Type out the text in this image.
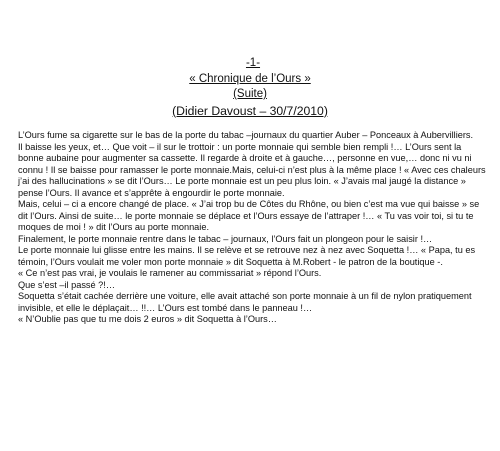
-1-
« Chronique de l’Ours »
(Suite)
(Didier Davoust – 30/7/2010)

L’Ours fume sa cigarette sur le bas de la porte du tabac –journaux du quartier Auber – Ponceaux à Aubervilliers.

Il baisse les yeux, et… Que voit – il sur le trottoir : un porte monnaie qui semble bien rempli !… L’Ours sent la bonne aubaine pour augmenter sa cassette. Il regarde à droite et à gauche…, personne en vue,… donc ni vu ni connu ! Il se baisse pour ramasser le porte monnaie.Mais, celui-ci n’est plus à la même place ! « Avec ces chaleurs j’ai des hallucinations » se dit l’Ours… Le porte monnaie est un peu plus loin. « J’avais mal jaugé la distance » pense l’Ours. Il avance et s’apprête à engourdir le porte monnaie.

Mais, celui – ci a encore changé de place. « J’ai trop bu de Côtes du Rhône, ou bien c’est ma vue qui baisse » se dit l’Ours. Ainsi de suite… le porte monnaie se déplace et l’Ours essaye de l’attraper !… « Tu vas voir toi, si tu te moques de moi ! » dit l’Ours au porte monnaie.

Finalement, le porte monnaie rentre dans le tabac – journaux, l’Ours fait un plongeon pour le saisir !…

Le porte monnaie lui glisse entre les mains. Il se relève et se retrouve nez à nez avec Soquetta !… « Papa, tu es témoin, l’Ours voulait me voler mon porte monnaie » dit Soquetta à M.Robert - le patron de la boutique -.

« Ce n’est pas vrai, je voulais le ramener au commissariat » répond l’Ours.

Que s’est –il passé ?!…

Soquetta s’était cachée derrière une voiture, elle avait attaché son porte monnaie à un fil de nylon pratiquement invisible, et elle le déplaçait… !!… L’Ours est tombé dans le panneau !…

« N’Oublie pas que tu me dois 2 euros » dit Soquetta à l’Ours…
